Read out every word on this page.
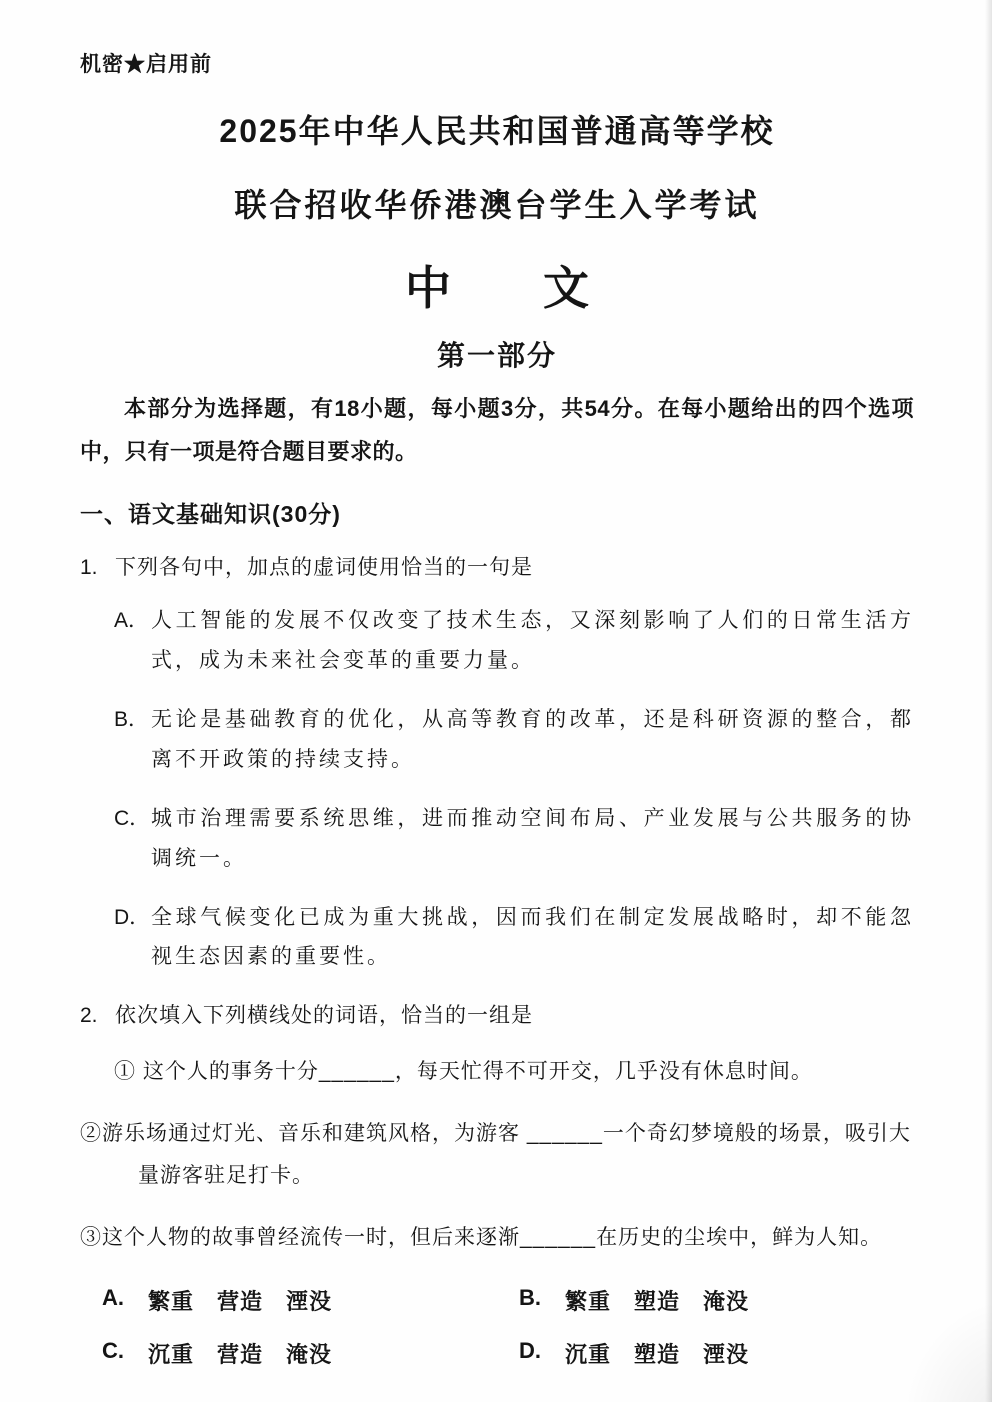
机密★启用前
2025年中华人民共和国普通高等学校
联合招收华侨港澳台学生入学考试
中　　文
第一部分

本部分为选择题，有18小题，每小题3分，共54分。在每小题给出的四个选项中，只有一项是符合题目要求的。

一、语文基础知识(30分)
1. 下列各句中，加点的虚词使用恰当的一句是
A． 人工智能的发展不仅改变了技术生态，又深刻影响了人们的日常生活方式，成为未来社会变革的重要力量。
B． 无论是基础教育的优化，从高等教育的改革，还是科研资源的整合，都离不开政策的持续支持。
C． 城市治理需要系统思维，进而推动空间布局、产业发展与公共服务的协调统一。
D． 全球气候变化已成为重大挑战，因而我们在制定发展战略时，却不能忽视生态因素的重要性。
2. 依次填入下列横线处的词语，恰当的一组是

① 这个人的事务十分______，每天忙得不可开交，几乎没有休息时间。

②游乐场通过灯光、音乐和建筑风格，为游客 ______一个奇幻梦境般的场景，吸引大量游客驻足打卡。

③这个人物的故事曾经流传一时，但后来逐渐______在历史的尘埃中，鲜为人知。

A.	繁重　营造　湮没	B.	繁重　塑造　淹没
C.	沉重　营造　淹没	D.	沉重　塑造　湮没
